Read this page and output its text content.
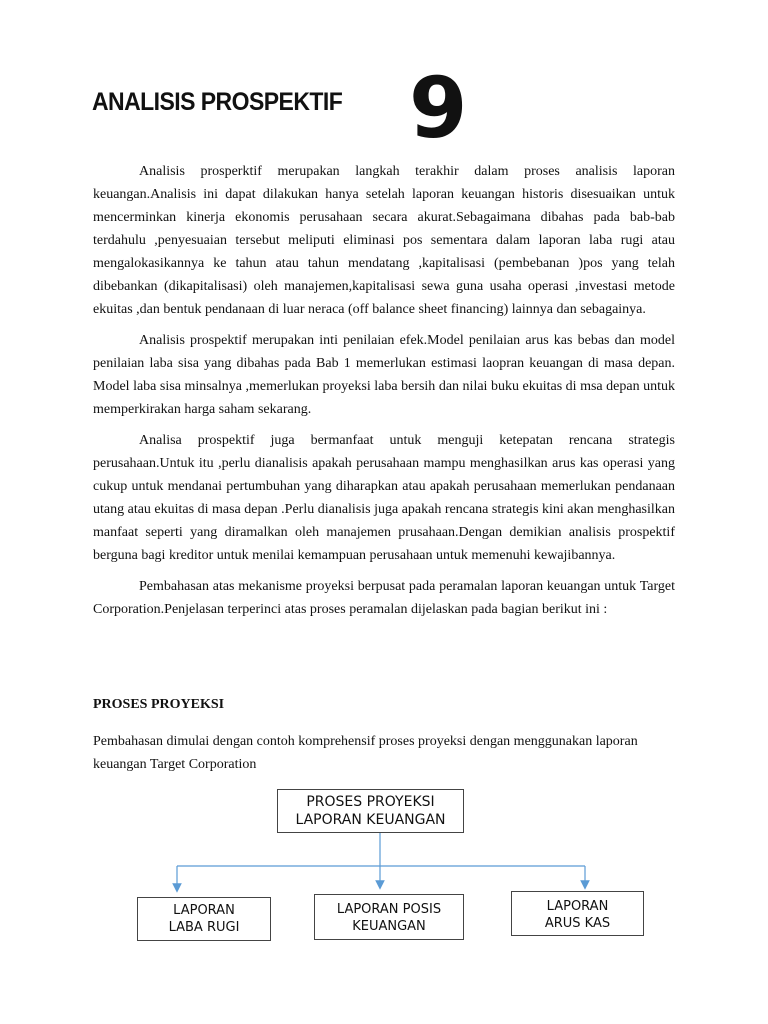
ANALISIS PROSPEKTIF 9

Analisis prosperktif merupakan langkah terakhir dalam proses analisis laporan keuangan.Analisis ini dapat dilakukan hanya setelah laporan keuangan historis disesuaikan untuk mencerminkan kinerja ekonomis perusahaan secara akurat.Sebagaimana dibahas pada bab-bab terdahulu ,penyesuaian tersebut meliputi eliminasi pos sementara dalam laporan laba rugi atau mengalokasikannya ke tahun atau tahun mendatang ,kapitalisasi (pembebanan )pos yang telah dibebankan (dikapitalisasi) oleh manajemen,kapitalisasi sewa guna usaha operasi ,investasi metode ekuitas ,dan bentuk pendanaan di luar neraca (off balance sheet financing) lainnya dan sebagainya.

Analisis prospektif merupakan inti penilaian efek.Model penilaian arus kas bebas dan model penilaian laba sisa yang dibahas pada Bab 1 memerlukan estimasi laopran keuangan di masa depan. Model laba sisa minsalnya ,memerlukan proyeksi laba bersih dan nilai buku ekuitas di msa depan untuk memperkirakan harga saham sekarang.

Analisa prospektif juga bermanfaat untuk menguji ketepatan rencana strategis perusahaan.Untuk itu ,perlu dianalisis apakah perusahaan mampu menghasilkan arus kas operasi yang cukup untuk mendanai pertumbuhan yang diharapkan atau apakah perusahaan memerlukan pendanaan utang atau ekuitas di masa depan .Perlu dianalisis juga apakah rencana strategis kini akan menghasilkan manfaat seperti yang diramalkan oleh manajemen prusahaan.Dengan demikian analisis prospektif berguna bagi kreditor untuk menilai kemampuan perusahaan untuk memenuhi kewajibannya.

Pembahasan atas mekanisme proyeksi berpusat pada peramalan laporan keuangan untuk Target Corporation.Penjelasan terperinci atas proses peramalan dijelaskan pada bagian berikut ini :

PROSES PROYEKSI

Pembahasan dimulai dengan contoh komprehensif proses proyeksi dengan menggunakan laporan keuangan Target Corporation

PROSES PROYEKSI
LAPORAN KEUANGAN
LAPORAN
LABA RUGI
LAPORAN POSIS
KEUANGAN
LAPORAN
ARUS KAS
